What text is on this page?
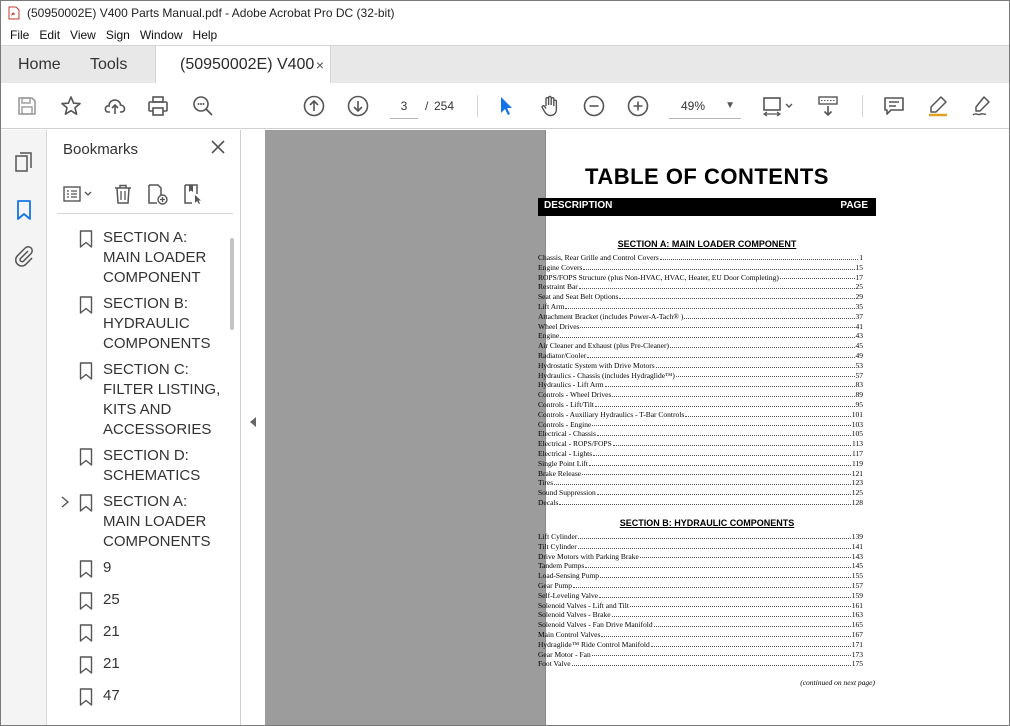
(50950002E) V400 Parts Manual.pdf - Adobe Acrobat Pro DC (32-bit)
File Edit View Sign Window Help
Home Tools	(50950002E) V400 ×
3
/ 254	49% ▼
Bookmarks
SECTION A: MAIN LOADER COMPONENT
SECTION B: HYDRAULIC COMPONENTS
SECTION C: FILTER LISTING, KITS AND ACCESSORIES
SECTION D: SCHEMATICS
SECTION A: MAIN LOADER COMPONENTS
9
25
21
21
47
TABLE OF CONTENTS
DESCRIPTION	PAGE
SECTION A: MAIN LOADER COMPONENT
Chassis, Rear Grille and Control Covers	1
Engine Covers	15
ROPS/FOPS Structure (plus Non-HVAC, HVAC, Heater, EU Door Completing)	17
Restraint Bar	25
Seat and Seat Belt Options	29
Lift Arm	35
Attachment Bracket (includes Power-A-Tach® )	37
Wheel Drives	41
Engine	43
Air Cleaner and Exhaust (plus Pre-Cleaner)	45
Radiator/Cooler	49
Hydrostatic System with Drive Motors	53
Hydraulics - Chassis (includes Hydraglide™)	57
Hydraulics - Lift Arm	83
Controls - Wheel Drives	89
Controls - Lift/Tilt	95
Controls - Auxiliary Hydraulics - T-Bar Controls	101
Controls - Engine	103
Electrical - Chassis	105
Electrical - ROPS/FOPS	113
Electrical - Lights	117
Single Point Lift	119
Brake Release	121
Tires	123
Sound Suppression	125
Decals	128
SECTION B: HYDRAULIC COMPONENTS
Lift Cylinder	139
Tilt Cylinder	141
Drive Motors with Parking Brake	143
Tandem Pumps	145
Load-Sensing Pump	155
Gear Pump	157
Self-Leveling Valve	159
Solenoid Valves - Lift and Tilt	161
Solenoid Valves - Brake	163
Solenoid Valves - Fan Drive Manifold	165
Main Control Valves	167
Hydraglide™ Ride Control Manifold	171
Gear Motor - Fan	173
Foot Valve	175
(continued on next page)
